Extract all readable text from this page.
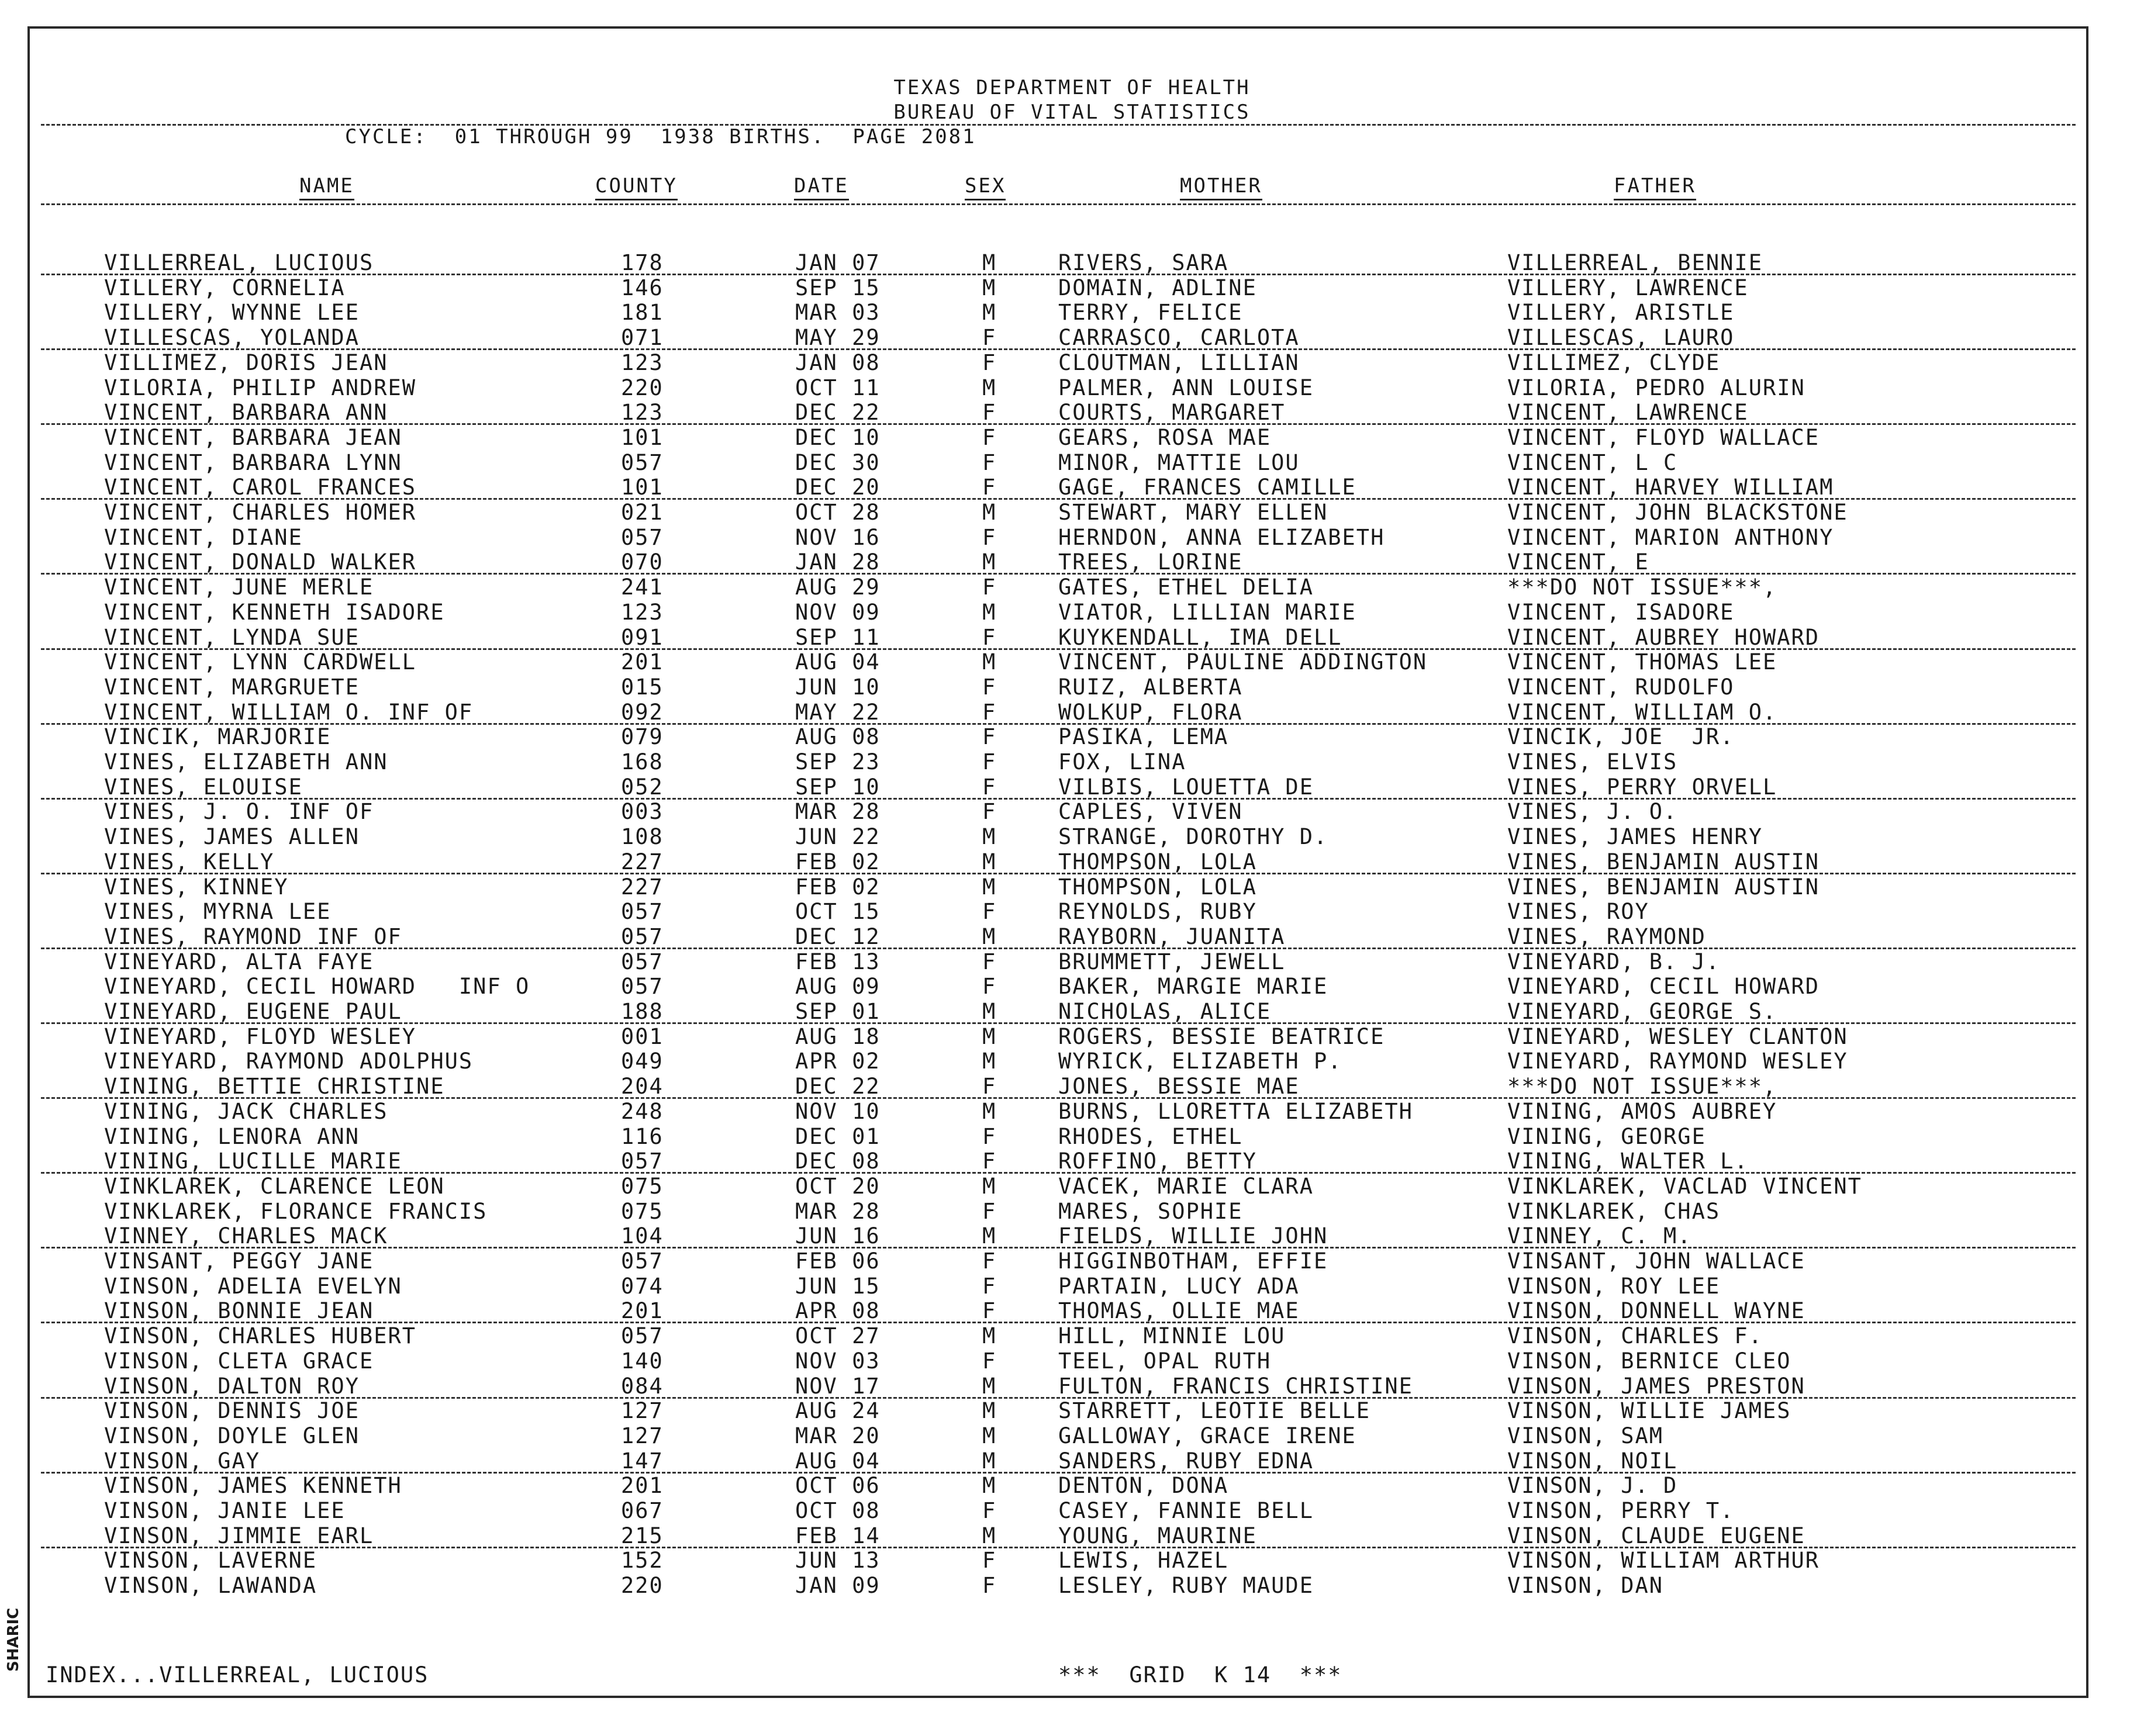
TEXAS DEPARTMENT OF HEALTH
BUREAU OF VITAL STATISTICS
CYCLE:  01 THROUGH 99  1938 BIRTHS.  PAGE 2081
NAME	COUNTY	DATE	SEX	MOTHER	FATHER
VILLERREAL, LUCIOUS	178	JAN 07	M	RIVERS, SARA	VILLERREAL, BENNIE
VILLERY, CORNELIA	146	SEP 15	M	DOMAIN, ADLINE	VILLERY, LAWRENCE
VILLERY, WYNNE LEE	181	MAR 03	M	TERRY, FELICE	VILLERY, ARISTLE
VILLESCAS, YOLANDA	071	MAY 29	F	CARRASCO, CARLOTA	VILLESCAS, LAURO
VILLIMEZ, DORIS JEAN	123	JAN 08	F	CLOUTMAN, LILLIAN	VILLIMEZ, CLYDE
VILORIA, PHILIP ANDREW	220	OCT 11	M	PALMER, ANN LOUISE	VILORIA, PEDRO ALURIN
VINCENT, BARBARA ANN	123	DEC 22	F	COURTS, MARGARET	VINCENT, LAWRENCE
VINCENT, BARBARA JEAN	101	DEC 10	F	GEARS, ROSA MAE	VINCENT, FLOYD WALLACE
VINCENT, BARBARA LYNN	057	DEC 30	F	MINOR, MATTIE LOU	VINCENT, L C
VINCENT, CAROL FRANCES	101	DEC 20	F	GAGE, FRANCES CAMILLE	VINCENT, HARVEY WILLIAM
VINCENT, CHARLES HOMER	021	OCT 28	M	STEWART, MARY ELLEN	VINCENT, JOHN BLACKSTONE
VINCENT, DIANE	057	NOV 16	F	HERNDON, ANNA ELIZABETH	VINCENT, MARION ANTHONY
VINCENT, DONALD WALKER	070	JAN 28	M	TREES, LORINE	VINCENT, E
VINCENT, JUNE MERLE	241	AUG 29	F	GATES, ETHEL DELIA	***DO NOT ISSUE***,
VINCENT, KENNETH ISADORE	123	NOV 09	M	VIATOR, LILLIAN MARIE	VINCENT, ISADORE
VINCENT, LYNDA SUE	091	SEP 11	F	KUYKENDALL, IMA DELL	VINCENT, AUBREY HOWARD
VINCENT, LYNN CARDWELL	201	AUG 04	M	VINCENT, PAULINE ADDINGTON	VINCENT, THOMAS LEE
VINCENT, MARGRUETE	015	JUN 10	F	RUIZ, ALBERTA	VINCENT, RUDOLFO
VINCENT, WILLIAM O. INF OF	092	MAY 22	F	WOLKUP, FLORA	VINCENT, WILLIAM O.
VINCIK, MARJORIE	079	AUG 08	F	PASIKA, LEMA	VINCIK, JOE  JR.
VINES, ELIZABETH ANN	168	SEP 23	F	FOX, LINA	VINES, ELVIS
VINES, ELOUISE	052	SEP 10	F	VILBIS, LOUETTA DE	VINES, PERRY ORVELL
VINES, J. O. INF OF	003	MAR 28	F	CAPLES, VIVEN	VINES, J. O.
VINES, JAMES ALLEN	108	JUN 22	M	STRANGE, DOROTHY D.	VINES, JAMES HENRY
VINES, KELLY	227	FEB 02	M	THOMPSON, LOLA	VINES, BENJAMIN AUSTIN
VINES, KINNEY	227	FEB 02	M	THOMPSON, LOLA	VINES, BENJAMIN AUSTIN
VINES, MYRNA LEE	057	OCT 15	F	REYNOLDS, RUBY	VINES, ROY
VINES, RAYMOND INF OF	057	DEC 12	M	RAYBORN, JUANITA	VINES, RAYMOND
VINEYARD, ALTA FAYE	057	FEB 13	F	BRUMMETT, JEWELL	VINEYARD, B. J.
VINEYARD, CECIL HOWARD   INF O	057	AUG 09	F	BAKER, MARGIE MARIE	VINEYARD, CECIL HOWARD
VINEYARD, EUGENE PAUL	188	SEP 01	M	NICHOLAS, ALICE	VINEYARD, GEORGE S.
VINEYARD, FLOYD WESLEY	001	AUG 18	M	ROGERS, BESSIE BEATRICE	VINEYARD, WESLEY CLANTON
VINEYARD, RAYMOND ADOLPHUS	049	APR 02	M	WYRICK, ELIZABETH P.	VINEYARD, RAYMOND WESLEY
VINING, BETTIE CHRISTINE	204	DEC 22	F	JONES, BESSIE MAE	***DO NOT ISSUE***,
VINING, JACK CHARLES	248	NOV 10	M	BURNS, LLORETTA ELIZABETH	VINING, AMOS AUBREY
VINING, LENORA ANN	116	DEC 01	F	RHODES, ETHEL	VINING, GEORGE
VINING, LUCILLE MARIE	057	DEC 08	F	ROFFINO, BETTY	VINING, WALTER L.
VINKLAREK, CLARENCE LEON	075	OCT 20	M	VACEK, MARIE CLARA	VINKLAREK, VACLAD VINCENT
VINKLAREK, FLORANCE FRANCIS	075	MAR 28	F	MARES, SOPHIE	VINKLAREK, CHAS
VINNEY, CHARLES MACK	104	JUN 16	M	FIELDS, WILLIE JOHN	VINNEY, C. M.
VINSANT, PEGGY JANE	057	FEB 06	F	HIGGINBOTHAM, EFFIE	VINSANT, JOHN WALLACE
VINSON, ADELIA EVELYN	074	JUN 15	F	PARTAIN, LUCY ADA	VINSON, ROY LEE
VINSON, BONNIE JEAN	201	APR 08	F	THOMAS, OLLIE MAE	VINSON, DONNELL WAYNE
VINSON, CHARLES HUBERT	057	OCT 27	M	HILL, MINNIE LOU	VINSON, CHARLES F.
VINSON, CLETA GRACE	140	NOV 03	F	TEEL, OPAL RUTH	VINSON, BERNICE CLEO
VINSON, DALTON ROY	084	NOV 17	M	FULTON, FRANCIS CHRISTINE	VINSON, JAMES PRESTON
VINSON, DENNIS JOE	127	AUG 24	M	STARRETT, LEOTIE BELLE	VINSON, WILLIE JAMES
VINSON, DOYLE GLEN	127	MAR 20	M	GALLOWAY, GRACE IRENE	VINSON, SAM
VINSON, GAY	147	AUG 04	M	SANDERS, RUBY EDNA	VINSON, NOIL
VINSON, JAMES KENNETH	201	OCT 06	M	DENTON, DONA	VINSON, J. D
VINSON, JANIE LEE	067	OCT 08	F	CASEY, FANNIE BELL	VINSON, PERRY T.
VINSON, JIMMIE EARL	215	FEB 14	M	YOUNG, MAURINE	VINSON, CLAUDE EUGENE
VINSON, LAVERNE	152	JUN 13	F	LEWIS, HAZEL	VINSON, WILLIAM ARTHUR
VINSON, LAWANDA	220	JAN 09	F	LESLEY, RUBY MAUDE	VINSON, DAN
INDEX...VILLERREAL, LUCIOUS	***  GRID  K 14  ***
SHARIC
